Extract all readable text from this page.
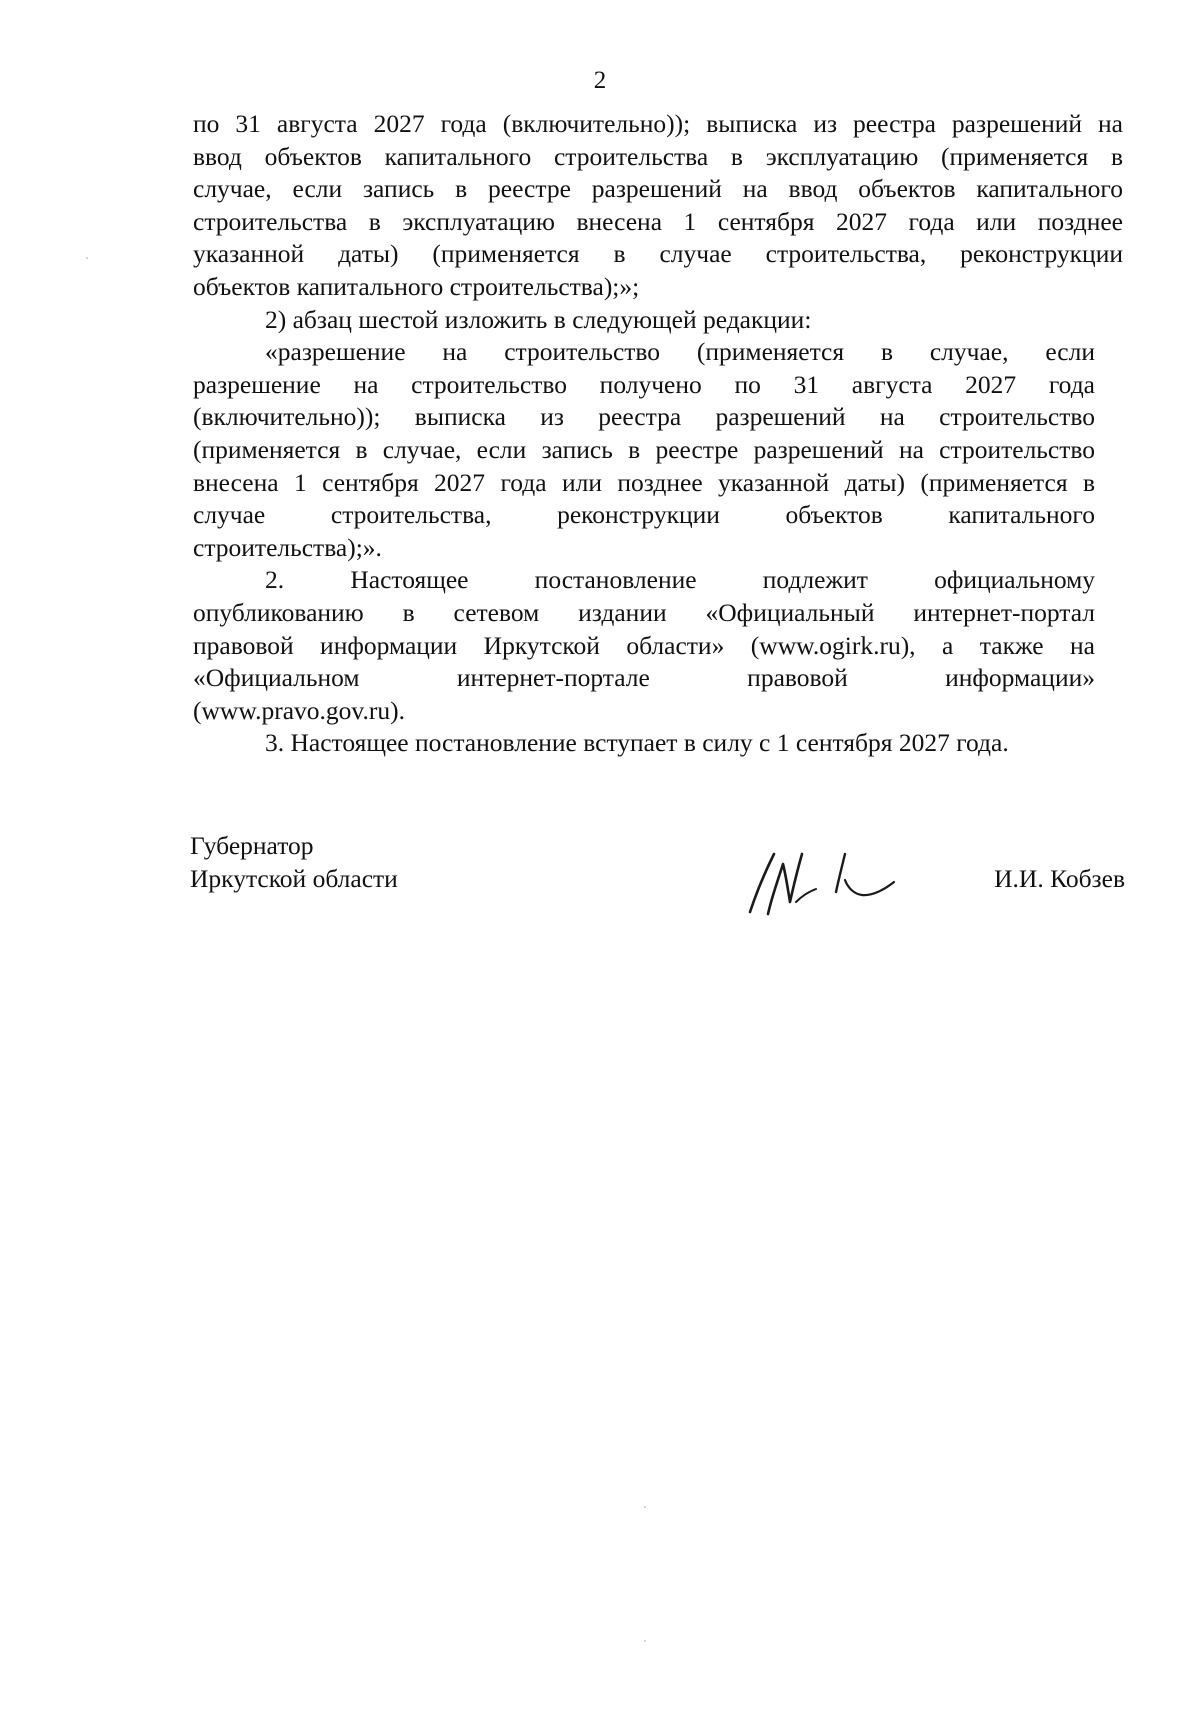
2

по 31 августа 2027 года (включительно)); выписка из реестра разрешений на
ввод объектов капитального строительства в эксплуатацию (применяется в
случае, если запись в реестре разрешений на ввод объектов капитального
строительства в эксплуатацию внесена 1 сентября 2027 года или позднее
указанной даты) (применяется в случае строительства, реконструкции
объектов капитального строительства);»;

2) абзац шестой изложить в следующей редакции:

«разрешение на строительство (применяется в случае, если
разрешение на строительство получено по 31 августа 2027 года
(включительно)); выписка из реестра разрешений на строительство
(применяется в случае, если запись в реестре разрешений на строительство
внесена 1 сентября 2027 года или позднее указанной даты) (применяется в
случае строительства, реконструкции объектов капитального
строительства);».

2. Настоящее постановление подлежит официальному
опубликованию в сетевом издании «Официальный интернет-портал
правовой информации Иркутской области» (www.ogirk.ru), а также на
«Официальном интернет-портале правовой информации»
(www.pravo.gov.ru).

3. Настоящее постановление вступает в силу с 1 сентября 2027 года.

Губернатор
Иркутской области	И.И. Кобзев
